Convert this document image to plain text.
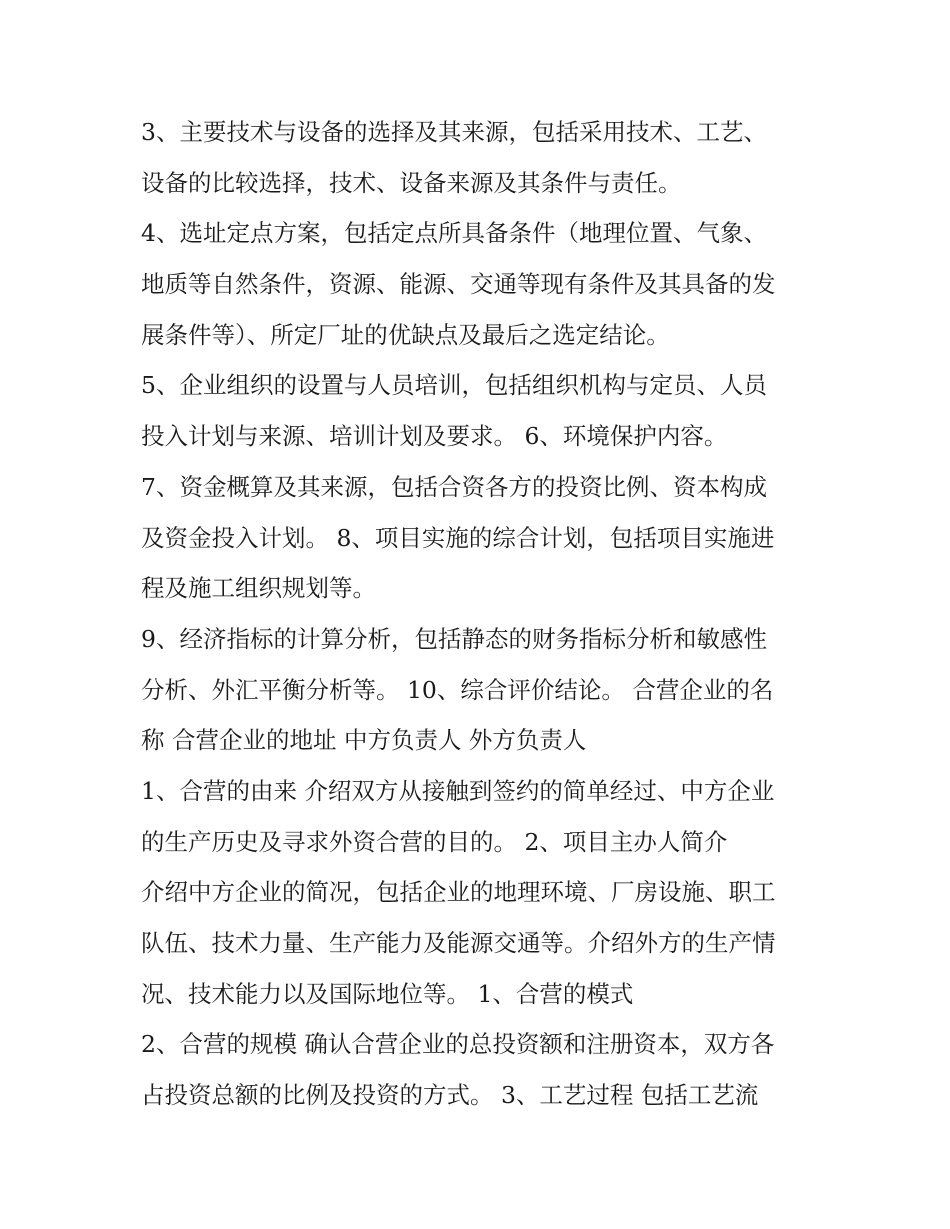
3、主要技术与设备的选择及其来源，包括采用技术、工艺、
设备的比较选择，技术、设备来源及其条件与责任。
4、选址定点方案，包括定点所具备条件（地理位置、气象、
地质等自然条件，资源、能源、交通等现有条件及其具备的发
展条件等）、所定厂址的优缺点及最后之选定结论。
5、企业组织的设置与人员培训，包括组织机构与定员、人员
投入计划与来源、培训计划及要求。 6、环境保护内容。
7、资金概算及其来源，包括合资各方的投资比例、资本构成
及资金投入计划。 8、项目实施的综合计划，包括项目实施进
程及施工组织规划等。
9、经济指标的计算分析，包括静态的财务指标分析和敏感性
分析、外汇平衡分析等。 10、综合评价结论。 合营企业的名
称 合营企业的地址 中方负责人 外方负责人
1、合营的由来 介绍双方从接触到签约的简单经过、中方企业
的生产历史及寻求外资合营的目的。 2、项目主办人简介
介绍中方企业的简况，包括企业的地理环境、厂房设施、职工
队伍、技术力量、生产能力及能源交通等。介绍外方的生产情
况、技术能力以及国际地位等。 1、合营的模式
2、合营的规模 确认合营企业的总投资额和注册资本，双方各
占投资总额的比例及投资的方式。 3、工艺过程 包括工艺流
